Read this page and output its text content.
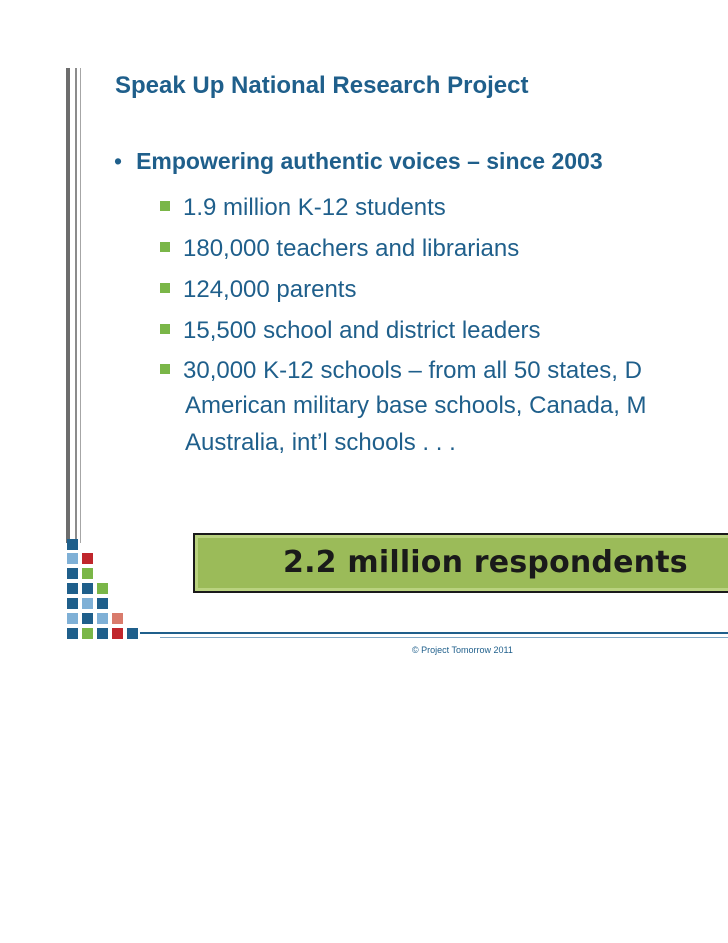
Speak Up National Research Project
• Empowering authentic voices – since 2003
1.9 million K-12 students
180,000 teachers and librarians
124,000 parents
15,500 school and district leaders
30,000 K-12 schools – from all 50 states, D
American military base schools, Canada, M
Australia, int’l schools . . .
2.2 million respondents
© Project Tomorrow 2011
